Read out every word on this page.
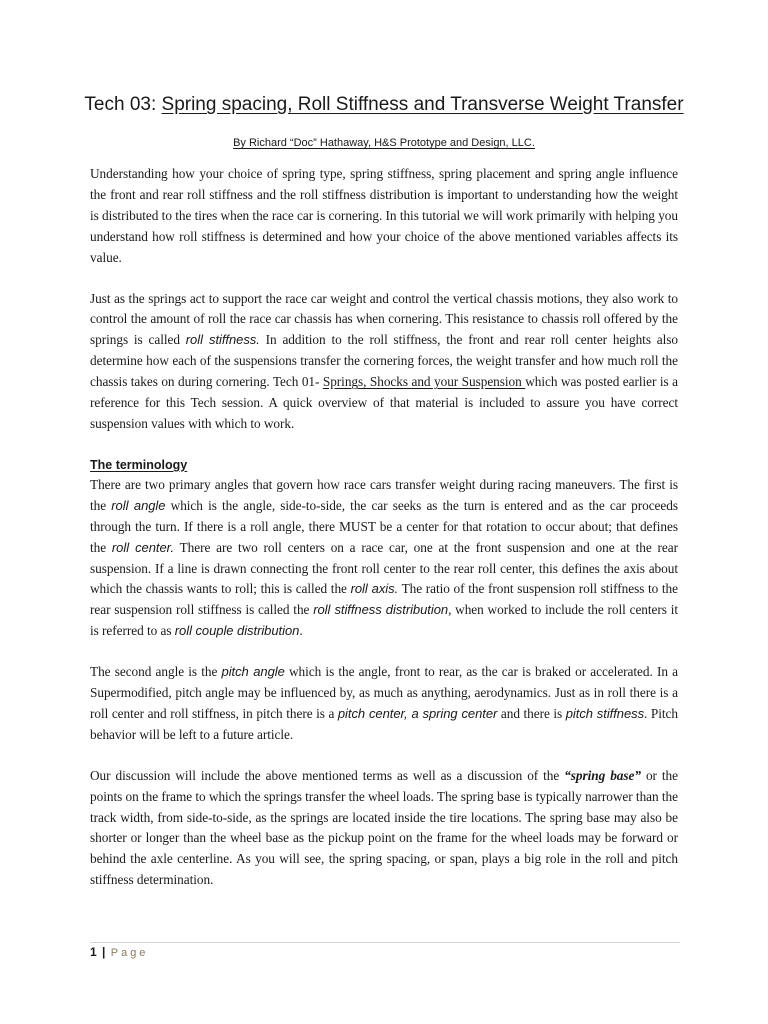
Tech 03: Spring spacing, Roll Stiffness and Transverse Weight Transfer
By Richard “Doc” Hathaway, H&S Prototype and Design, LLC.

Understanding how your choice of spring type, spring stiffness, spring placement and spring angle influence the front and rear roll stiffness and the roll stiffness distribution is important to understanding how the weight is distributed to the tires when the race car is cornering. In this tutorial we will work primarily with helping you understand how roll stiffness is determined and how your choice of the above mentioned variables affects its value.

Just as the springs act to support the race car weight and control the vertical chassis motions, they also work to control the amount of roll the race car chassis has when cornering. This resistance to chassis roll offered by the springs is called roll stiffness. In addition to the roll stiffness, the front and rear roll center heights also determine how each of the suspensions transfer the cornering forces, the weight transfer and how much roll the chassis takes on during cornering. Tech 01- Springs, Shocks and your Suspension which was posted earlier is a reference for this Tech session. A quick overview of that material is included to assure you have correct suspension values with which to work.

The terminology

There are two primary angles that govern how race cars transfer weight during racing maneuvers. The first is the roll angle which is the angle, side-to-side, the car seeks as the turn is entered and as the car proceeds through the turn. If there is a roll angle, there MUST be a center for that rotation to occur about; that defines the roll center. There are two roll centers on a race car, one at the front suspension and one at the rear suspension. If a line is drawn connecting the front roll center to the rear roll center, this defines the axis about which the chassis wants to roll; this is called the roll axis. The ratio of the front suspension roll stiffness to the rear suspension roll stiffness is called the roll stiffness distribution, when worked to include the roll centers it is referred to as roll couple distribution.

The second angle is the pitch angle which is the angle, front to rear, as the car is braked or accelerated. In a Supermodified, pitch angle may be influenced by, as much as anything, aerodynamics. Just as in roll there is a roll center and roll stiffness, in pitch there is a pitch center, a spring center and there is pitch stiffness. Pitch behavior will be left to a future article.

Our discussion will include the above mentioned terms as well as a discussion of the “spring base” or the points on the frame to which the springs transfer the wheel loads. The spring base is typically narrower than the track width, from side-to-side, as the springs are located inside the tire locations. The spring base may also be shorter or longer than the wheel base as the pickup point on the frame for the wheel loads may be forward or behind the axle centerline. As you will see, the spring spacing, or span, plays a big role in the roll and pitch stiffness determination.

1 | Page
